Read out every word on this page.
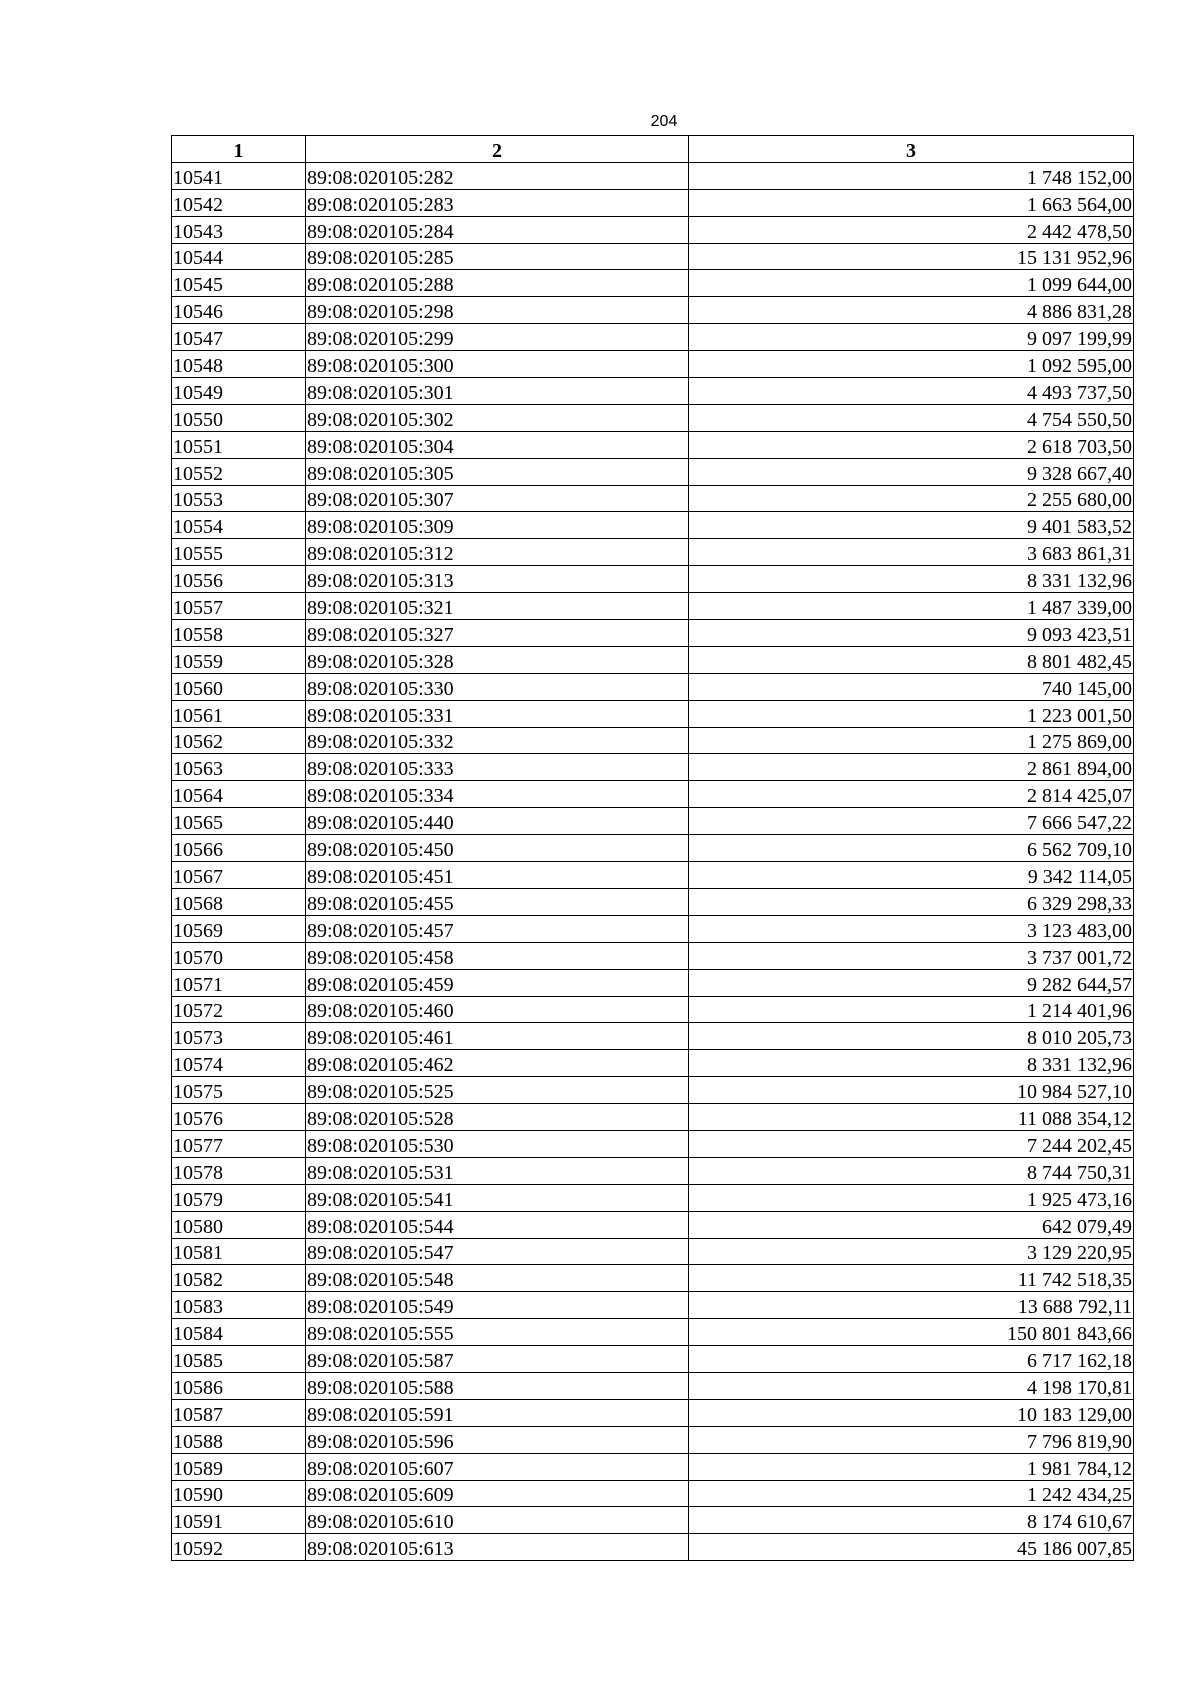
204
1	2	3
10541	89:08:020105:282	1 748 152,00
10542	89:08:020105:283	1 663 564,00
10543	89:08:020105:284	2 442 478,50
10544	89:08:020105:285	15 131 952,96
10545	89:08:020105:288	1 099 644,00
10546	89:08:020105:298	4 886 831,28
10547	89:08:020105:299	9 097 199,99
10548	89:08:020105:300	1 092 595,00
10549	89:08:020105:301	4 493 737,50
10550	89:08:020105:302	4 754 550,50
10551	89:08:020105:304	2 618 703,50
10552	89:08:020105:305	9 328 667,40
10553	89:08:020105:307	2 255 680,00
10554	89:08:020105:309	9 401 583,52
10555	89:08:020105:312	3 683 861,31
10556	89:08:020105:313	8 331 132,96
10557	89:08:020105:321	1 487 339,00
10558	89:08:020105:327	9 093 423,51
10559	89:08:020105:328	8 801 482,45
10560	89:08:020105:330	740 145,00
10561	89:08:020105:331	1 223 001,50
10562	89:08:020105:332	1 275 869,00
10563	89:08:020105:333	2 861 894,00
10564	89:08:020105:334	2 814 425,07
10565	89:08:020105:440	7 666 547,22
10566	89:08:020105:450	6 562 709,10
10567	89:08:020105:451	9 342 114,05
10568	89:08:020105:455	6 329 298,33
10569	89:08:020105:457	3 123 483,00
10570	89:08:020105:458	3 737 001,72
10571	89:08:020105:459	9 282 644,57
10572	89:08:020105:460	1 214 401,96
10573	89:08:020105:461	8 010 205,73
10574	89:08:020105:462	8 331 132,96
10575	89:08:020105:525	10 984 527,10
10576	89:08:020105:528	11 088 354,12
10577	89:08:020105:530	7 244 202,45
10578	89:08:020105:531	8 744 750,31
10579	89:08:020105:541	1 925 473,16
10580	89:08:020105:544	642 079,49
10581	89:08:020105:547	3 129 220,95
10582	89:08:020105:548	11 742 518,35
10583	89:08:020105:549	13 688 792,11
10584	89:08:020105:555	150 801 843,66
10585	89:08:020105:587	6 717 162,18
10586	89:08:020105:588	4 198 170,81
10587	89:08:020105:591	10 183 129,00
10588	89:08:020105:596	7 796 819,90
10589	89:08:020105:607	1 981 784,12
10590	89:08:020105:609	1 242 434,25
10591	89:08:020105:610	8 174 610,67
10592	89:08:020105:613	45 186 007,85
